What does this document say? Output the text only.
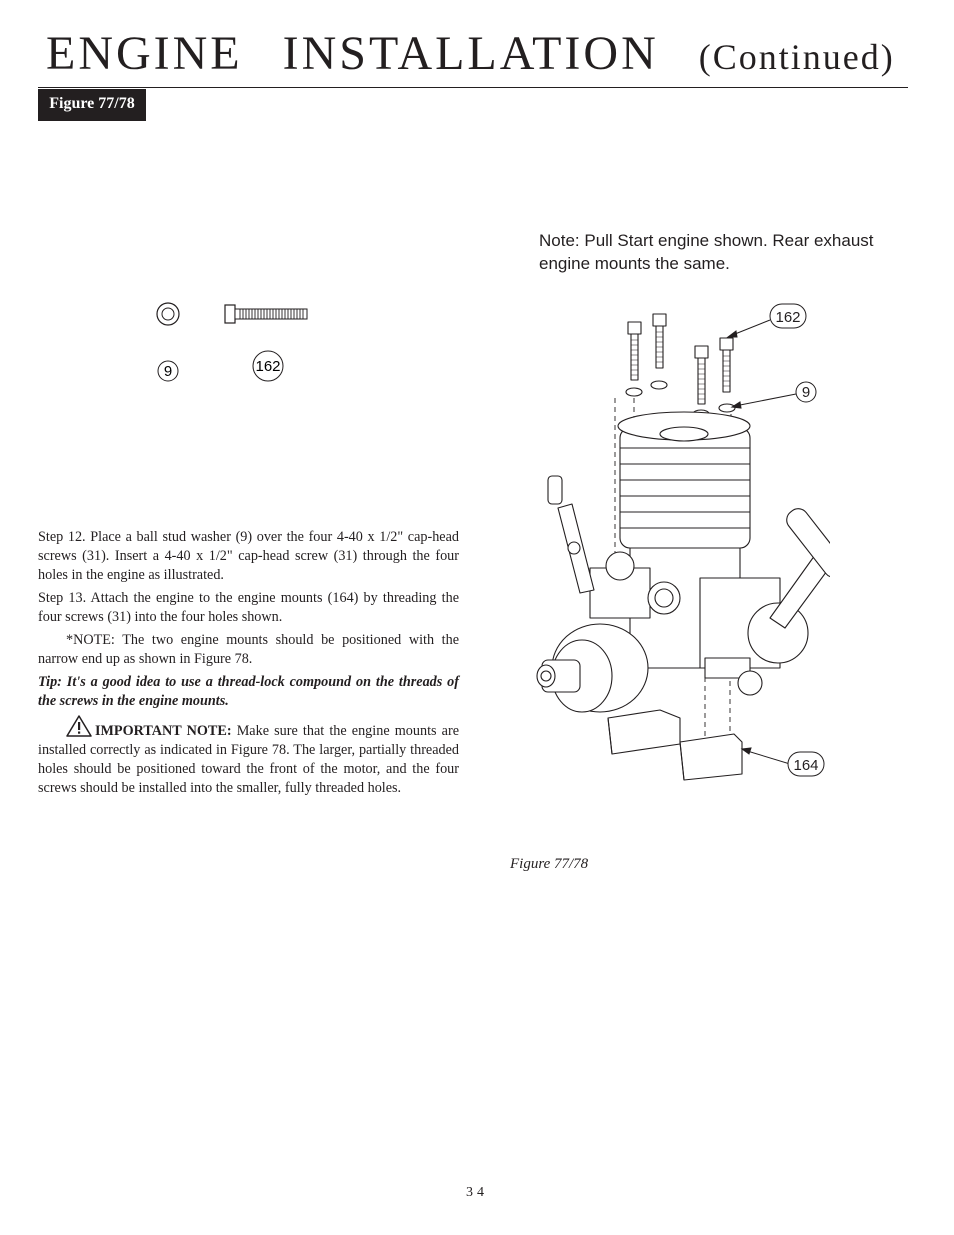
ENGINE INSTALLATION (Continued)
Figure 77/78
Note: Pull Start engine shown. Rear exhaust engine mounts the same.
9	162

Step 12. Place a ball stud washer (9) over the four 4-40 x 1/2" cap-head screws (31). Insert a 4-40 x 1/2" cap-head screw (31) through the four holes in the engine as illustrated.

Step 13. Attach the engine to the engine mounts (164) by threading the four screws (31) into the four holes shown.

*NOTE: The two engine mounts should be positioned with the narrow end up as shown in Figure 78.

Tip: It's a good idea to use a thread-lock compound on the threads of the screws in the engine mounts.

IMPORTANT NOTE: Make sure that the engine mounts are installed correctly as indicated in Figure 78. The larger, partially threaded holes should be positioned toward the front of the motor, and the four screws should be installed into the smaller, fully threaded holes.

162
9
164
Figure 77/78
34
